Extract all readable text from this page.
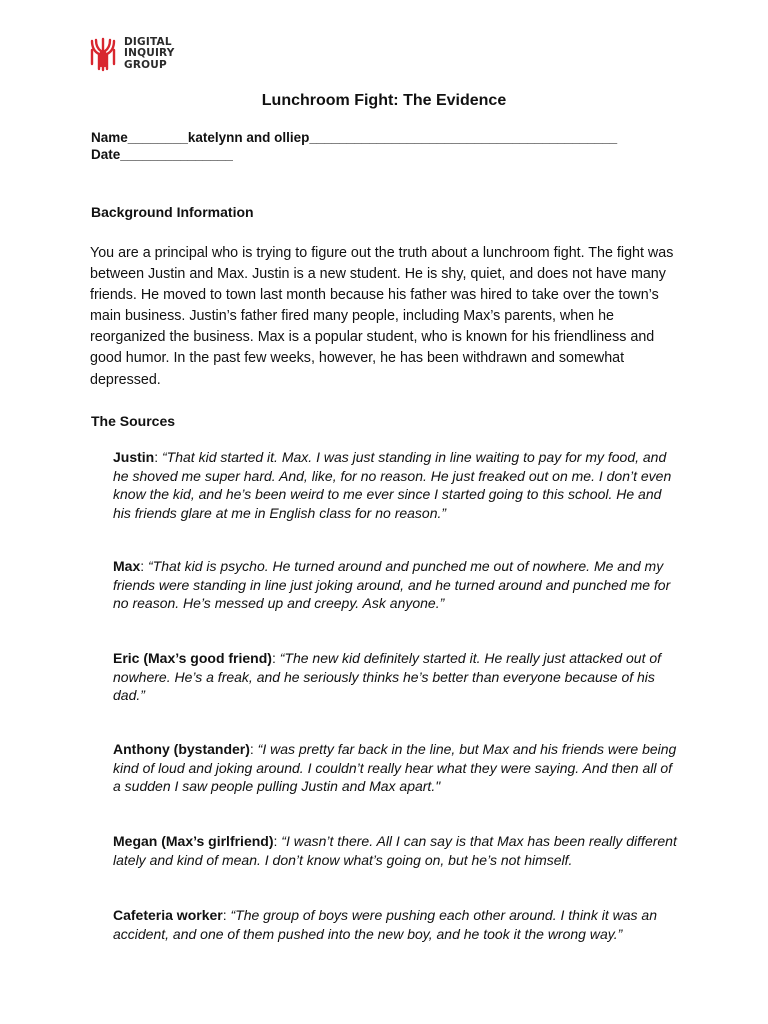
DIGITAL
INQUIRY
GROUP
Lunchroom Fight: The Evidence

Name________katelynn and olliep_________________________________________

Date_______________

Background Information

You are a principal who is trying to figure out the truth about a lunchroom fight. The fight was between Justin and Max. Justin is a new student. He is shy, quiet, and does not have many friends. He moved to town last month because his father was hired to take over the town’s main business. Justin’s father fired many people, including Max’s parents, when he reorganized the business. Max is a popular student, who is known for his friendliness and good humor. In the past few weeks, however, he has been withdrawn and somewhat depressed.

The Sources

Justin: “That kid started it. Max. I was just standing in line waiting to pay for my food, and he shoved me super hard. And, like, for no reason. He just freaked out on me. I don’t even know the kid, and he’s been weird to me ever since I started going to this school. He and his friends glare at me in English class for no reason.”

Max: “That kid is psycho. He turned around and punched me out of nowhere. Me and my friends were standing in line just joking around, and he turned around and punched me for no reason. He’s messed up and creepy. Ask anyone.”

Eric (Max’s good friend): “The new kid definitely started it. He really just attacked out of nowhere. He’s a freak, and he seriously thinks he’s better than everyone because of his dad.”

Anthony (bystander): “I was pretty far back in the line, but Max and his friends were being kind of loud and joking around. I couldn’t really hear what they were saying. And then all of a sudden I saw people pulling Justin and Max apart."

Megan (Max’s girlfriend): “I wasn’t there. All I can say is that Max has been really different lately and kind of mean. I don’t know what’s going on, but he’s not himself.

Cafeteria worker: “The group of boys were pushing each other around. I think it was an accident, and one of them pushed into the new boy, and he took it the wrong way.”
